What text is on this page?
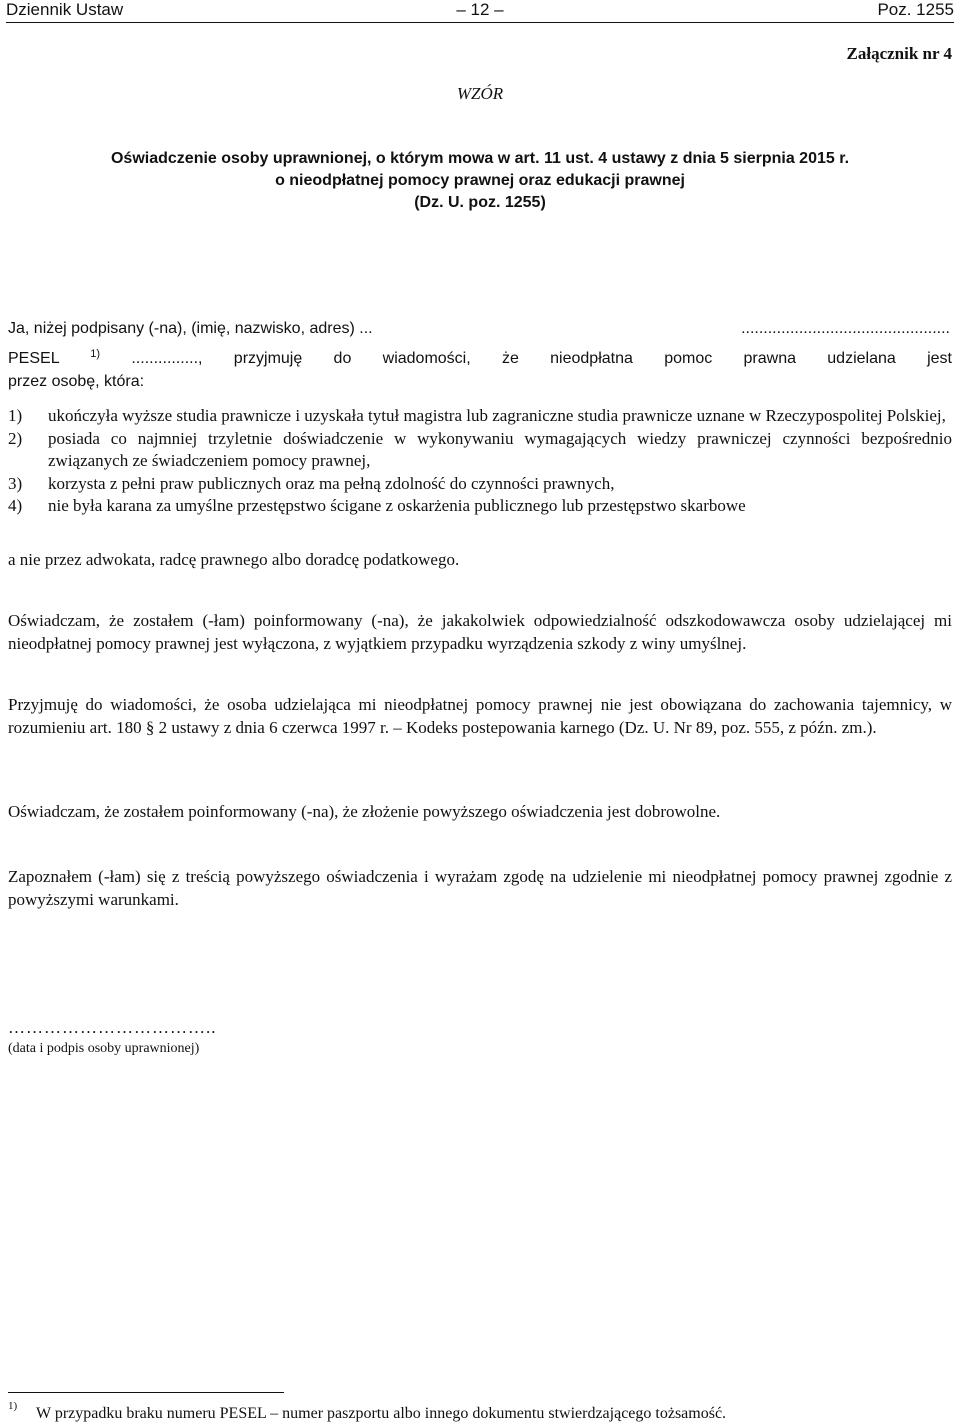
Dziennik Ustaw	– 12 –	Poz. 1255
Załącznik nr 4
WZÓR
Oświadczenie osoby uprawnionej, o którym mowa w art. 11 ust. 4 ustawy z dnia 5 sierpnia 2015 r.
o nieodpłatnej pomocy prawnej oraz edukacji prawnej
(Dz. U. poz. 1255)
Ja, niżej podpisany (-na), (imię, nazwisko, adres) ...	...............................................
PESEL	$^{1)}$ ..............., przyjmuję do wiadomości, że nieodpłatna pomoc prawna udzielana jest
przez osobę, która:
1)	ukończyła wyższe studia prawnicze i uzyskała tytuł magistra lub zagraniczne studia prawnicze uznane w Rzeczypospolitej Polskiej,
2)	posiada co najmniej trzyletnie doświadczenie w wykonywaniu wymagających wiedzy prawniczej czynności bezpośrednio związanych ze świadczeniem pomocy prawnej,
3)	korzysta z pełni praw publicznych oraz ma pełną zdolność do czynności prawnych,
4)	nie była karana za umyślne przestępstwo ścigane z oskarżenia publicznego lub przestępstwo skarbowe
a nie przez adwokata, radcę prawnego albo doradcę podatkowego.
Oświadczam, że zostałem (-łam) poinformowany (-na), że jakakolwiek odpowiedzialność odszkodowawcza osoby udzielającej mi nieodpłatnej pomocy prawnej jest wyłączona, z wyjątkiem przypadku wyrządzenia szkody z winy umyślnej.
Przyjmuję do wiadomości, że osoba udzielająca mi nieodpłatnej pomocy prawnej nie jest obowiązana do zachowania tajemnicy, w rozumieniu art. 180 § 2 ustawy z dnia 6 czerwca 1997 r. – Kodeks postepowania karnego (Dz. U. Nr 89, poz. 555, z późn. zm.).
Oświadczam, że zostałem poinformowany (-na), że złożenie powyższego oświadczenia jest dobrowolne.
Zapoznałem (-łam) się z treścią powyższego oświadczenia i wyrażam zgodę na udzielenie mi nieodpłatnej pomocy prawnej zgodnie z powyższymi warunkami.
……………………………..
(data i podpis osoby uprawnionej)
1) W przypadku braku numeru PESEL – numer paszportu albo innego dokumentu stwierdzającego tożsamość.
